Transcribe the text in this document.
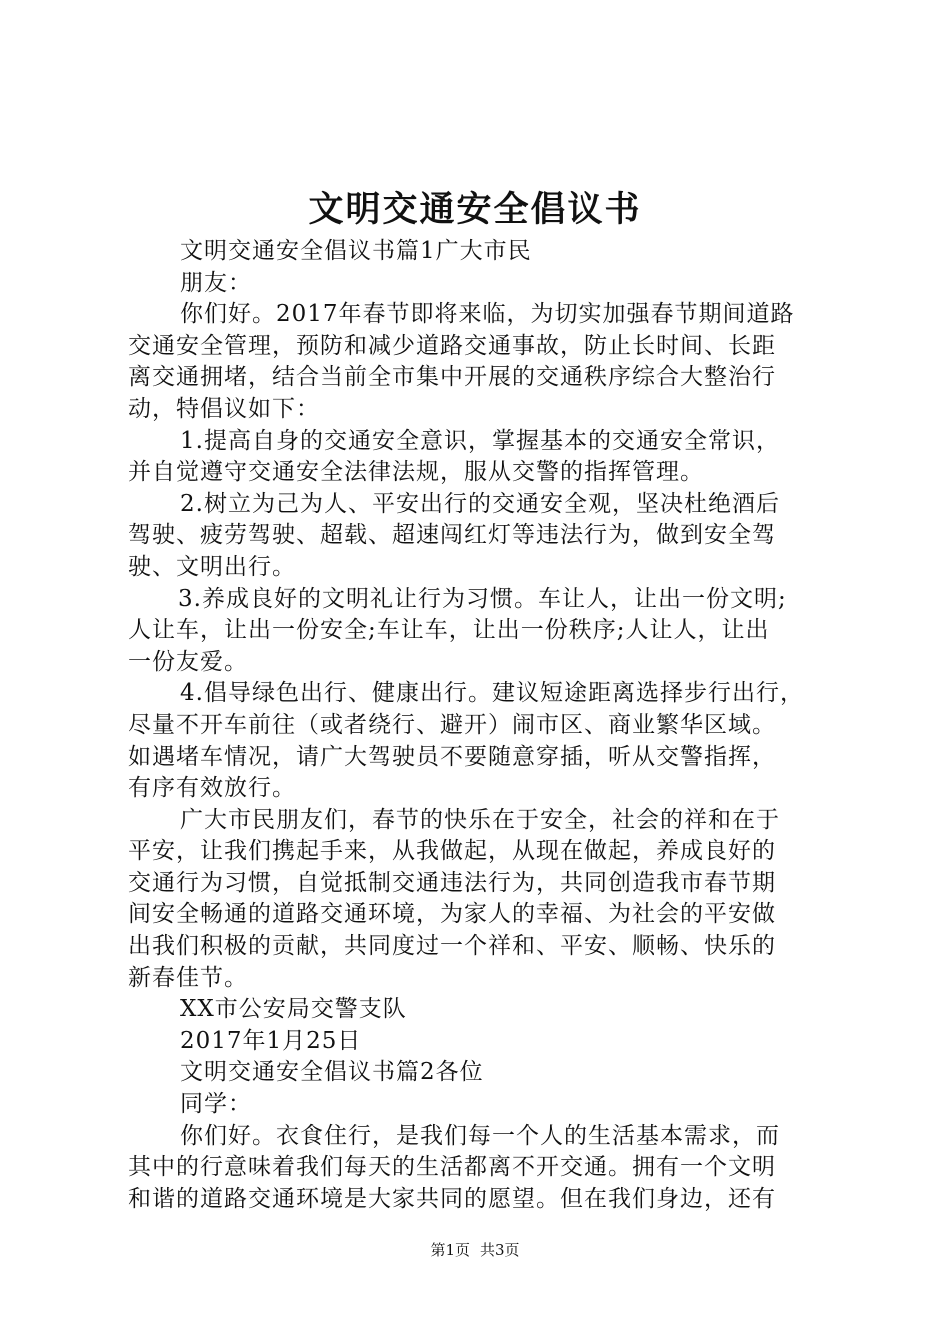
文明交通安全倡议书
文明交通安全倡议书篇1广大市民
朋友：
你们好。2017年春节即将来临，为切实加强春节期间道路
交通安全管理，预防和减少道路交通事故，防止长时间、长距
离交通拥堵，结合当前全市集中开展的交通秩序综合大整治行
动，特倡议如下：
1.提高自身的交通安全意识，掌握基本的交通安全常识，
并自觉遵守交通安全法律法规，服从交警的指挥管理。
2.树立为己为人、平安出行的交通安全观，坚决杜绝酒后
驾驶、疲劳驾驶、超载、超速闯红灯等违法行为，做到安全驾
驶、文明出行。
3.养成良好的文明礼让行为习惯。车让人，让出一份文明;
人让车，让出一份安全;车让车，让出一份秩序;人让人，让出
一份友爱。
4.倡导绿色出行、健康出行。建议短途距离选择步行出行，
尽量不开车前往（或者绕行、避开）闹市区、商业繁华区域。
如遇堵车情况，请广大驾驶员不要随意穿插，听从交警指挥，
有序有效放行。
广大市民朋友们，春节的快乐在于安全，社会的祥和在于
平安，让我们携起手来，从我做起，从现在做起，养成良好的
交通行为习惯，自觉抵制交通违法行为，共同创造我市春节期
间安全畅通的道路交通环境，为家人的幸福、为社会的平安做
出我们积极的贡献，共同度过一个祥和、平安、顺畅、快乐的
新春佳节。
XX市公安局交警支队
2017年1月25日
文明交通安全倡议书篇2各位
同学：
你们好。衣食住行，是我们每一个人的生活基本需求，而
其中的行意味着我们每天的生活都离不开交通。拥有一个文明
和谐的道路交通环境是大家共同的愿望。但在我们身边，还有
第1页 共3页
